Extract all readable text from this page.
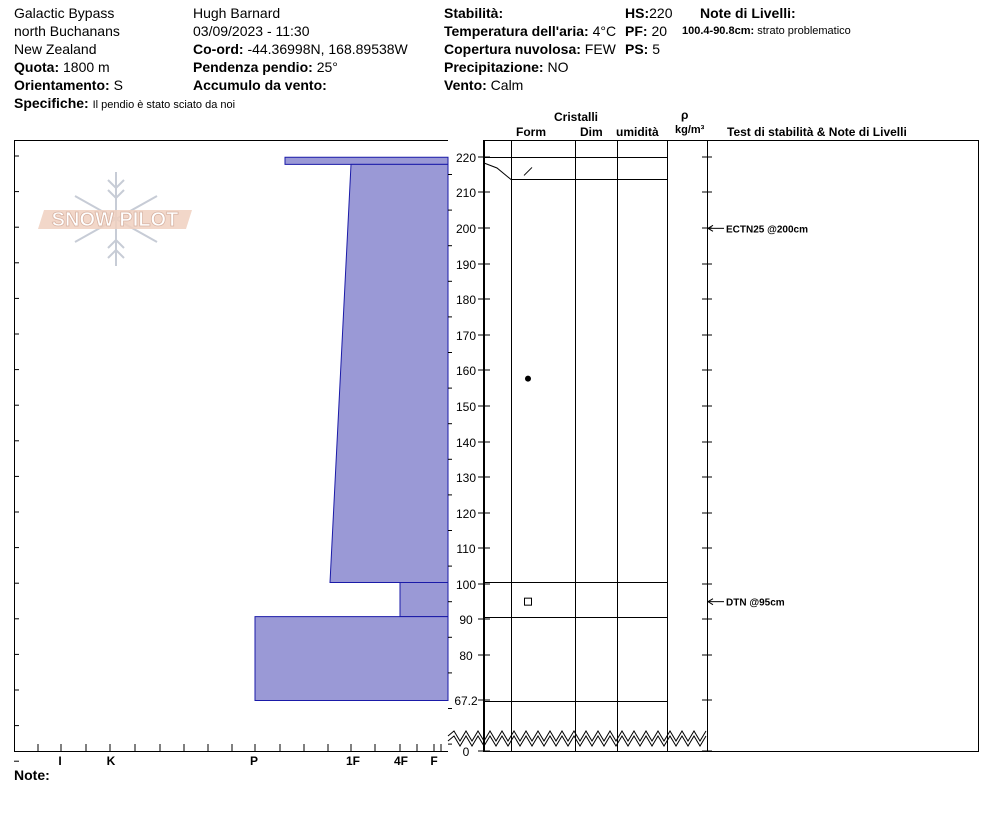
Galactic Bypass
north Buchanans
New Zealand
Quota: 1800 m
Orientamento: S
Specifiche: Il pendio è stato sciato da noi
Hugh Barnard
03/09/2023 - 11:30
Co-ord: -44.36998N, 168.89538W
Pendenza pendio: 25°
Accumulo da vento:
Stabilità:
Temperatura dell'aria: 4°C
Copertura nuvolosa: FEW
Precipitazione: NO
Vento: Calm
HS:220
PF: 20
PS: 5
Note di Livelli:
100.4-90.8cm: strato problematico
Cristalli
Form	Dim umidità
ρ
kg/m³ Test di stabilità & Note di Livelli
SNOW PILOT
I	K	P	1F	4F F
220
210
200
190
180
170
160
150
140
130
120
110
100
90
80
67.2
0
ECTN25 @200cm
DTN @95cm
Note:
